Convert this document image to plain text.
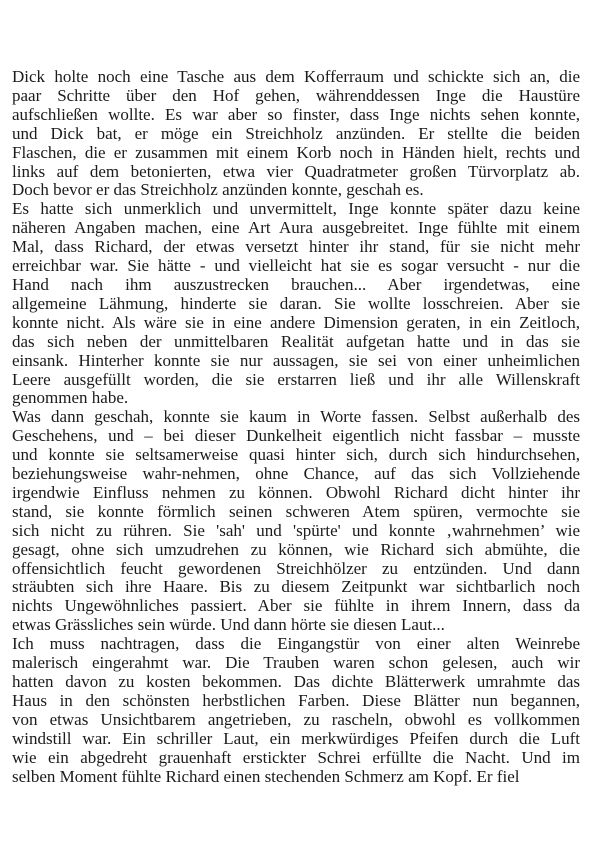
Dick holte noch eine Tasche aus dem Kofferraum und schickte sich an, die
paar Schritte über den Hof gehen, währenddessen Inge die Haustüre
aufschließen wollte. Es war aber so finster, dass Inge nichts sehen konnte,
und Dick bat, er möge ein Streichholz anzünden. Er stellte die beiden
Flaschen, die er zusammen mit einem Korb noch in Händen hielt, rechts und
links auf dem betonierten, etwa vier Quadratmeter großen Türvorplatz ab.
Doch bevor er das Streichholz anzünden konnte, geschah es.
Es hatte sich unmerklich und unvermittelt, Inge konnte später dazu keine
näheren Angaben machen, eine Art Aura ausgebreitet. Inge fühlte mit einem
Mal, dass Richard, der etwas versetzt hinter ihr stand, für sie nicht mehr
erreichbar war. Sie hätte - und vielleicht hat sie es sogar versucht - nur die
Hand nach ihm auszustrecken brauchen... Aber irgendetwas, eine
allgemeine Lähmung, hinderte sie daran. Sie wollte losschreien. Aber sie
konnte nicht. Als wäre sie in eine andere Dimension geraten, in ein Zeitloch,
das sich neben der unmittelbaren Realität aufgetan hatte und in das sie
einsank. Hinterher konnte sie nur aussagen, sie sei von einer unheimlichen
Leere ausgefüllt worden, die sie erstarren ließ und ihr alle Willenskraft
genommen habe.
Was dann geschah, konnte sie kaum in Worte fassen. Selbst außerhalb des
Geschehens, und – bei dieser Dunkelheit eigentlich nicht fassbar – musste
und konnte sie seltsamerweise quasi hinter sich, durch sich hindurchsehen,
beziehungsweise wahr-nehmen, ohne Chance, auf das sich Vollziehende
irgendwie Einfluss nehmen zu können. Obwohl Richard dicht hinter ihr
stand, sie konnte förmlich seinen schweren Atem spüren, vermochte sie
sich nicht zu rühren. Sie 'sah' und 'spürte' und konnte ‚wahrnehmen’ wie
gesagt, ohne sich umzudrehen zu können, wie Richard sich abmühte, die
offensichtlich feucht gewordenen Streichhölzer zu entzünden. Und dann
sträubten sich ihre Haare. Bis zu diesem Zeitpunkt war sichtbarlich noch
nichts Ungewöhnliches passiert. Aber sie fühlte in ihrem Innern, dass da
etwas Grässliches sein würde. Und dann hörte sie diesen Laut...
Ich muss nachtragen, dass die Eingangstür von einer alten Weinrebe
malerisch eingerahmt war. Die Trauben waren schon gelesen, auch wir
hatten davon zu kosten bekommen. Das dichte Blätterwerk umrahmte das
Haus in den schönsten herbstlichen Farben. Diese Blätter nun begannen,
von etwas Unsichtbarem angetrieben, zu rascheln, obwohl es vollkommen
windstill war. Ein schriller Laut, ein merkwürdiges Pfeifen durch die Luft
wie ein abgedreht grauenhaft erstickter Schrei erfüllte die Nacht. Und im
selben Moment fühlte Richard einen stechenden Schmerz am Kopf. Er fiel
